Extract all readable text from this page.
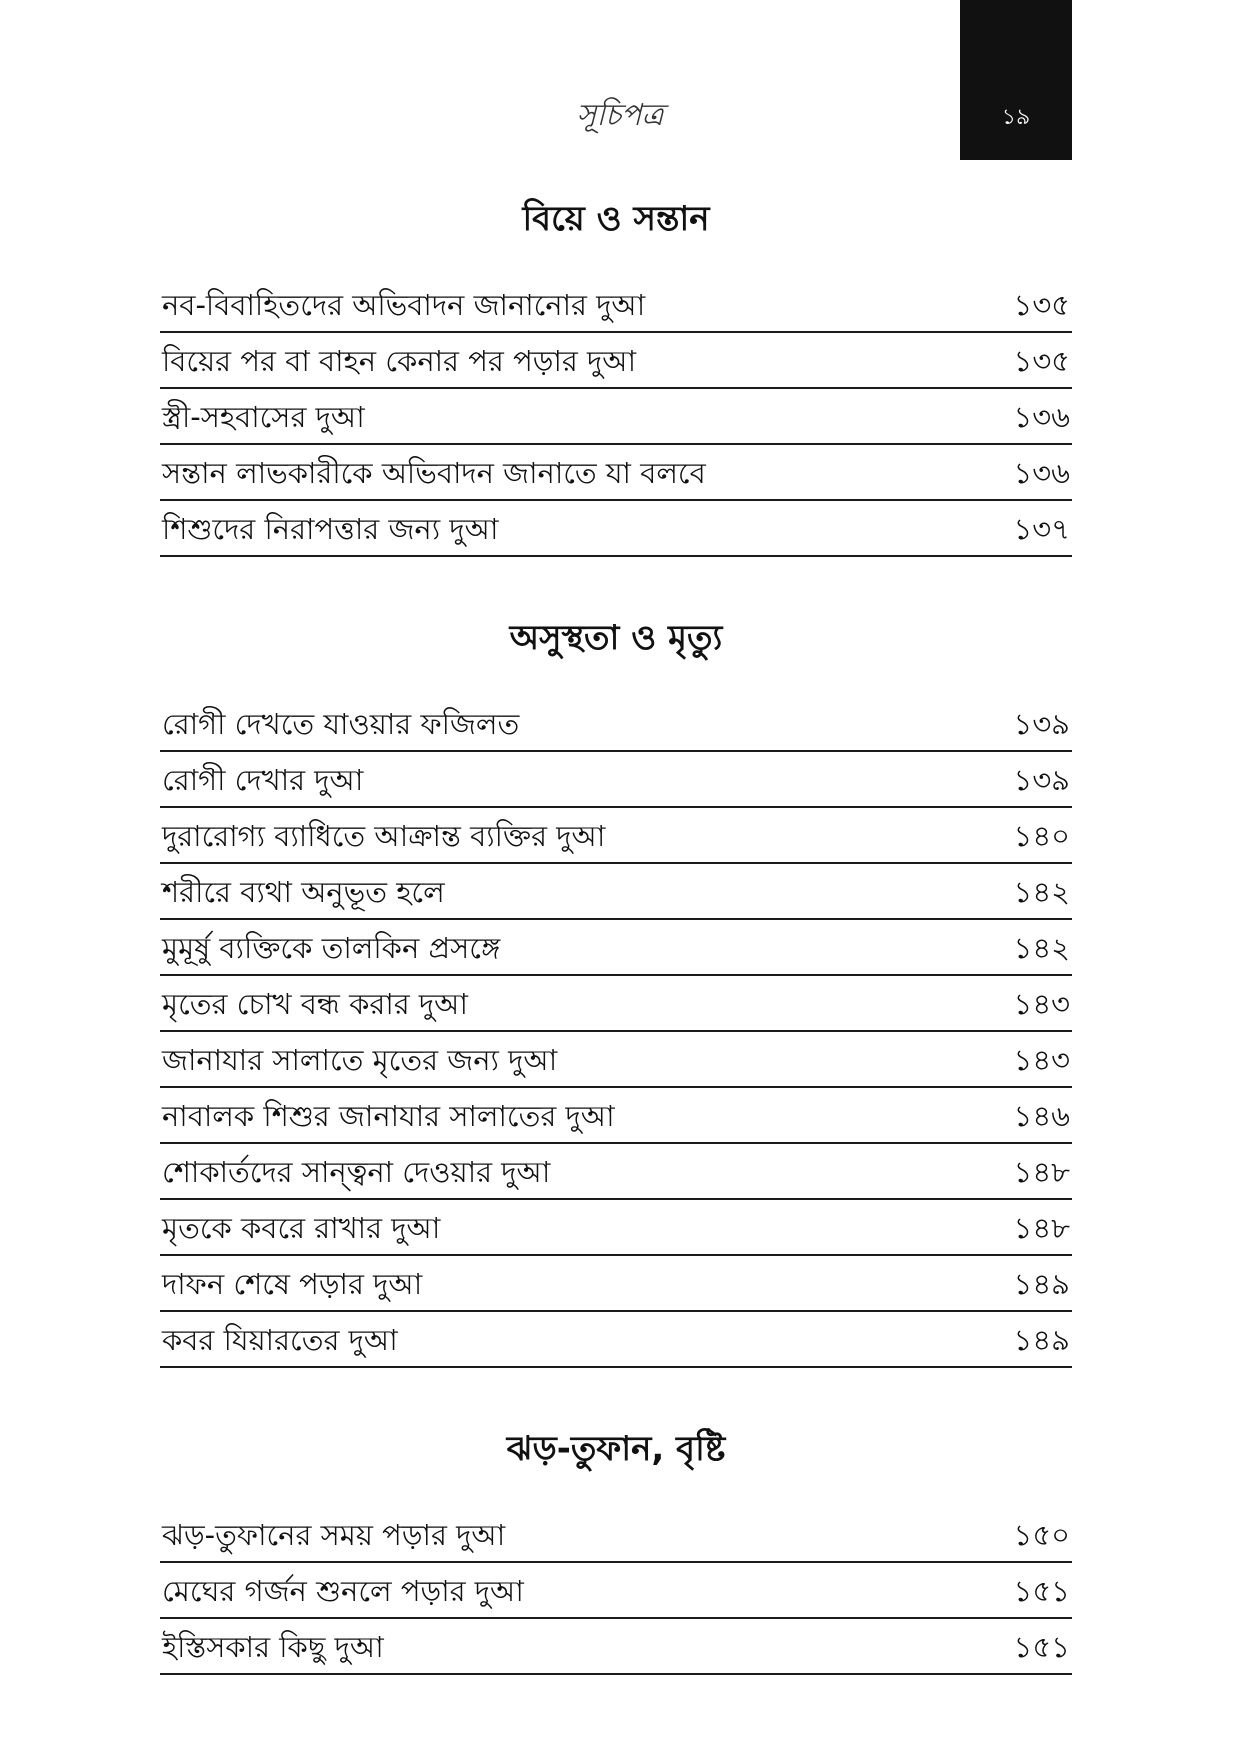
সূচিপত্র	১৯
বিয়ে ও সন্তান
নব-বিবাহিতদের অভিবাদন জানানোর দুআ	১৩৫
বিয়ের পর বা বাহন কেনার পর পড়ার দুআ	১৩৫
স্ত্রী-সহবাসের দুআ	১৩৬
সন্তান লাভকারীকে অভিবাদন জানাতে যা বলবে	১৩৬
শিশুদের নিরাপত্তার জন্য দুআ	১৩৭
অসুস্থতা ও মৃত্যু
রোগী দেখতে যাওয়ার ফজিলত	১৩৯
রোগী দেখার দুআ	১৩৯
দুরারোগ্য ব্যাধিতে আক্রান্ত ব্যক্তির দুআ	১৪০
শরীরে ব্যথা অনুভূত হলে	১৪২
মুমূর্ষু ব্যক্তিকে তালকিন প্রসঙ্গে	১৪২
মৃতের চোখ বন্ধ করার দুআ	১৪৩
জানাযার সালাতে মৃতের জন্য দুআ	১৪৩
নাবালক শিশুর জানাযার সালাতের দুআ	১৪৬
শোকার্তদের সান্ত্বনা দেওয়ার দুআ	১৪৮
মৃতকে কবরে রাখার দুআ	১৪৮
দাফন শেষে পড়ার দুআ	১৪৯
কবর যিয়ারতের দুআ	১৪৯
ঝড়-তুফান, বৃষ্টি
ঝড়-তুফানের সময় পড়ার দুআ	১৫০
মেঘের গর্জন শুনলে পড়ার দুআ	১৫১
ইস্তিসকার কিছু দুআ	১৫১
